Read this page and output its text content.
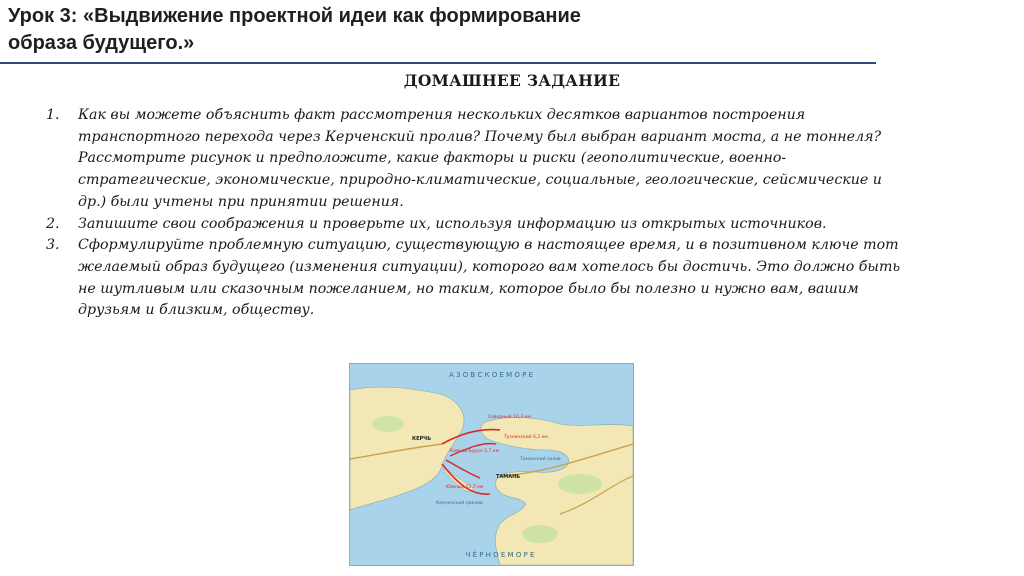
Урок 3: «Выдвижение проектной идеи как формирование
образа будущего.»
ДОМАШНЕЕ ЗАДАНИЕ
1. Как вы можете объяснить факт рассмотрения нескольких десятков вариантов построения
транспортного перехода через Керченский пролив? Почему был выбран вариант моста, а не тоннеля?
Рассмотрите рисунок и предположите, какие факторы и риски (геополитические, военно-
стратегические, экономические, природно-климатические, социальные, геологические, сейсмические и
др.) были учтены при принятии решения.
2. Запишите свои соображения и проверьте их, используя информацию из открытых источников.
3. Сформулируйте проблемную ситуацию, существующую в настоящее время, и в позитивном ключе тот
желаемый образ будущего (изменения ситуации), которого вам хотелось бы достичь. Это должно быть
не шутливым или сказочным пожеланием, но таким, которое было бы полезно и нужно вам, вашим
друзьям и близким, обществу.
А З О В С К О Е М О Р Е
Ч Ё Р Н О Е М О Р Е
КЕРЧЬ
ТАМАНЬ
Таманский залив
Керченский пролив
Северный 10,3 км
Тузлинский 6,2 км
Камыш-Бурун 5,7 км
Южный 51,7 км
